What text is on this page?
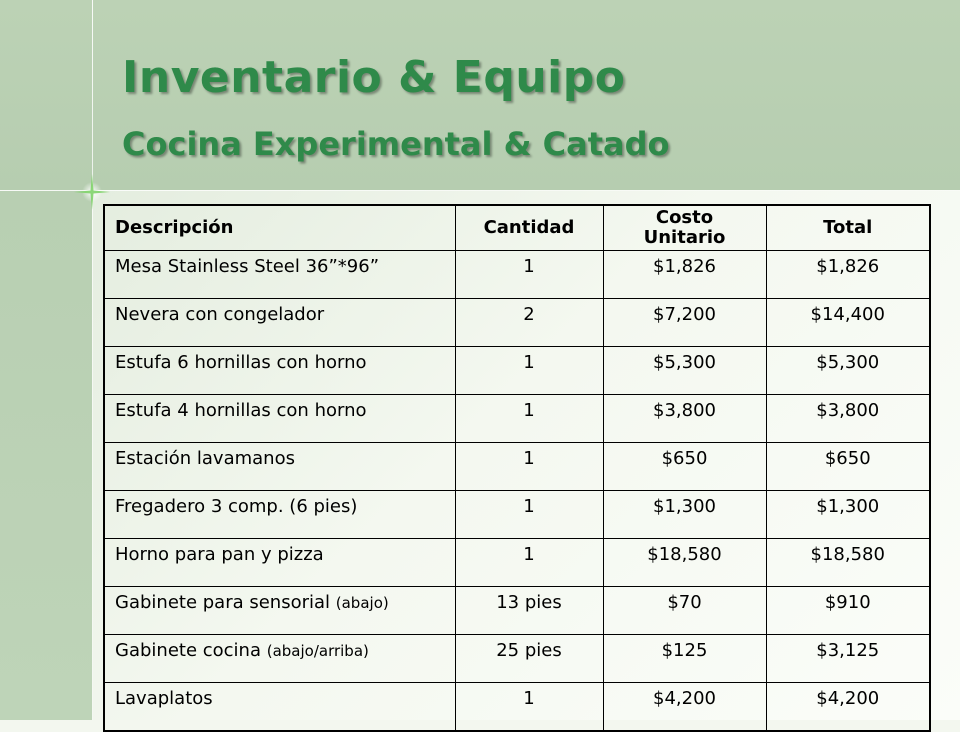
Inventario & Equipo
Cocina Experimental & Catado
Descripción	Cantidad	Costo Unitario	Total
Mesa Stainless Steel 36”*96”	1	$1,826	$1,826
Nevera con congelador	2	$7,200	$14,400
Estufa 6 hornillas con horno	1	$5,300	$5,300
Estufa 4 hornillas con horno	1	$3,800	$3,800
Estación lavamanos	1	$650	$650
Fregadero 3 comp. (6 pies)	1	$1,300	$1,300
Horno para pan y pizza	1	$18,580	$18,580
Gabinete para sensorial (abajo)	13 pies	$70	$910
Gabinete cocina (abajo/arriba)	25 pies	$125	$3,125
Lavaplatos	1	$4,200	$4,200
